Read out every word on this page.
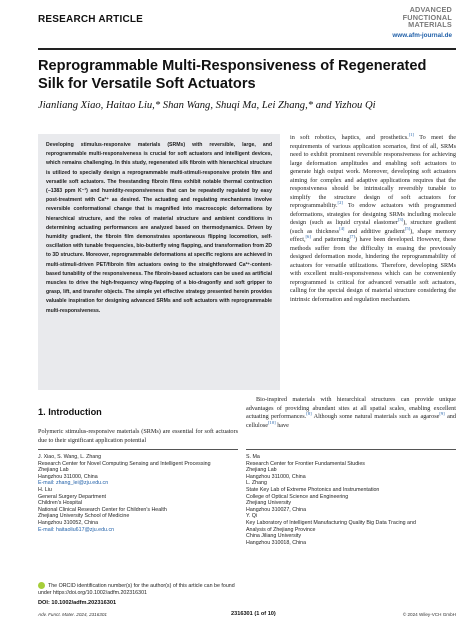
RESEARCH ARTICLE
ADVANCED
FUNCTIONAL
MATERIALS
www.afm-journal.de
Reprogrammable Multi-Responsiveness of Regenerated Silk for Versatile Soft Actuators
Jianliang Xiao, Haitao Liu,* Shan Wang, Shuqi Ma, Lei Zhang,* and Yizhou Qi

Developing stimulus-responsive materials (SRMs) with reversible, large, and reprogrammable multi-responsiveness is crucial for soft actuators and intelligent devices, which remains challenging. In this study, regenerated silk fibroin with hierarchical structure is utilized to specially design a reprogrammable multi-stimuli-responsive protein film and versatile soft actuators. The freestanding fibroin films exhibit notable thermal contraction (−1383 ppm K⁻¹) and humidity-responsiveness that can be repeatedly regulated by easy post-treatment with Ca²⁺ as desired. The actuating and regulating mechanisms involve reversible conformational change that is magnified into macroscopic deformations by hierarchical structure, and the roles of material structure and ambient conditions in determining actuating performances are analyzed based on thermodynamics. Driven by humidity gradient, the fibroin film demonstrates spontaneous flipping locomotion, self-oscillation with tunable frequencies, bio-butterfly wing flapping, and transformation from 2D to 3D structure. Moreover, reprogrammable deformations at specific regions are achieved in multi-stimuli-driven PET/fibroin film actuators owing to the straightforward Ca²⁺-content-based tunability of the responsiveness. The fibroin-based actuators can be used as artificial muscles to drive the high-frequency wing-flapping of a bio-dragonfly and soft gripper to grasp, lift, and transfer objects. The simple yet effective strategy presented herein provides valuable inspiration for designing advanced SRMs and soft actuators with reprogrammable multi-responsiveness.

in soft robotics, haptics, and prosthetics.[1] To meet the requirements of various application scenarios, first of all, SRMs need to exhibit prominent reversible responsiveness for achieving large deformation amplitudes and enabling soft actuators to generate high output work. Moreover, developing soft actuators aiming for complex and adaptive applications requires that the responsiveness should be intrinsically reversibly tunable to simplify the structure design of soft actuators for reprogrammability.[2] To endow actuators with programmed deformations, strategies for designing SRMs including molecule design (such as liquid crystal elastomer[3]), structure gradient (such as thickness[4] and additive gradient[5]), shape memory effect,[6] and patterning[7]) have been developed. However, these methods suffer from the difficulty in erasing the previously designed deformation mode, hindering the reprogrammability of actuators for versatile utilizations. Therefore, developing SRMs with excellent multi-responsiveness which can be conveniently reprogrammed is critical for advanced versatile soft actuators, calling for the special design of material structure considering the intrinsic deformation and regulation mechanism.

Bio-inspired materials with hierarchical structures can provide unique advantages of providing abundant sites at all spatial scales, enabling excellent actuating performances.[8] Although some natural materials such as agarose[9] and cellulose[10] have

1. Introduction
Polymeric stimulus-responsive materials (SRMs) are essential for soft actuators due to their significant application potential
J. Xiao, S. Wang, L. Zhang
Research Center for Novel Computing Sensing and Intelligent Processing
Zhejiang Lab
Hangzhou 311000, China
E-mail: zhang_lei@zju.edu.cn
H. Liu
General Surgery Department
Children's Hospital
National Clinical Research Center for Children's Health
Zhejiang University School of Medicine
Hangzhou 310052, China
E-mail: haitaoliu617@zju.edu.cn
S. Ma
Research Center for Frontier Fundamental Studies
Zhejiang Lab
Hangzhou 311000, China
L. Zhang
State Key Lab of Extreme Photonics and Instrumentation
College of Optical Science and Engineering
Zhejiang University
Hangzhou 310027, China
Y. Qi
Key Laboratory of Intelligent Manufacturing Quality Big Data Tracing and
Analysis of Zhejiang Province
China Jiliang University
Hangzhou 310018, China
The ORCID identification number(s) for the author(s) of this article can be found under https://doi.org/10.1002/adfm.202316301
DOI: 10.1002/adfm.202316301
Adv. Funct. Mater. 2024, 2316301	2316301 (1 of 10)	© 2024 Wiley-VCH GmbH
